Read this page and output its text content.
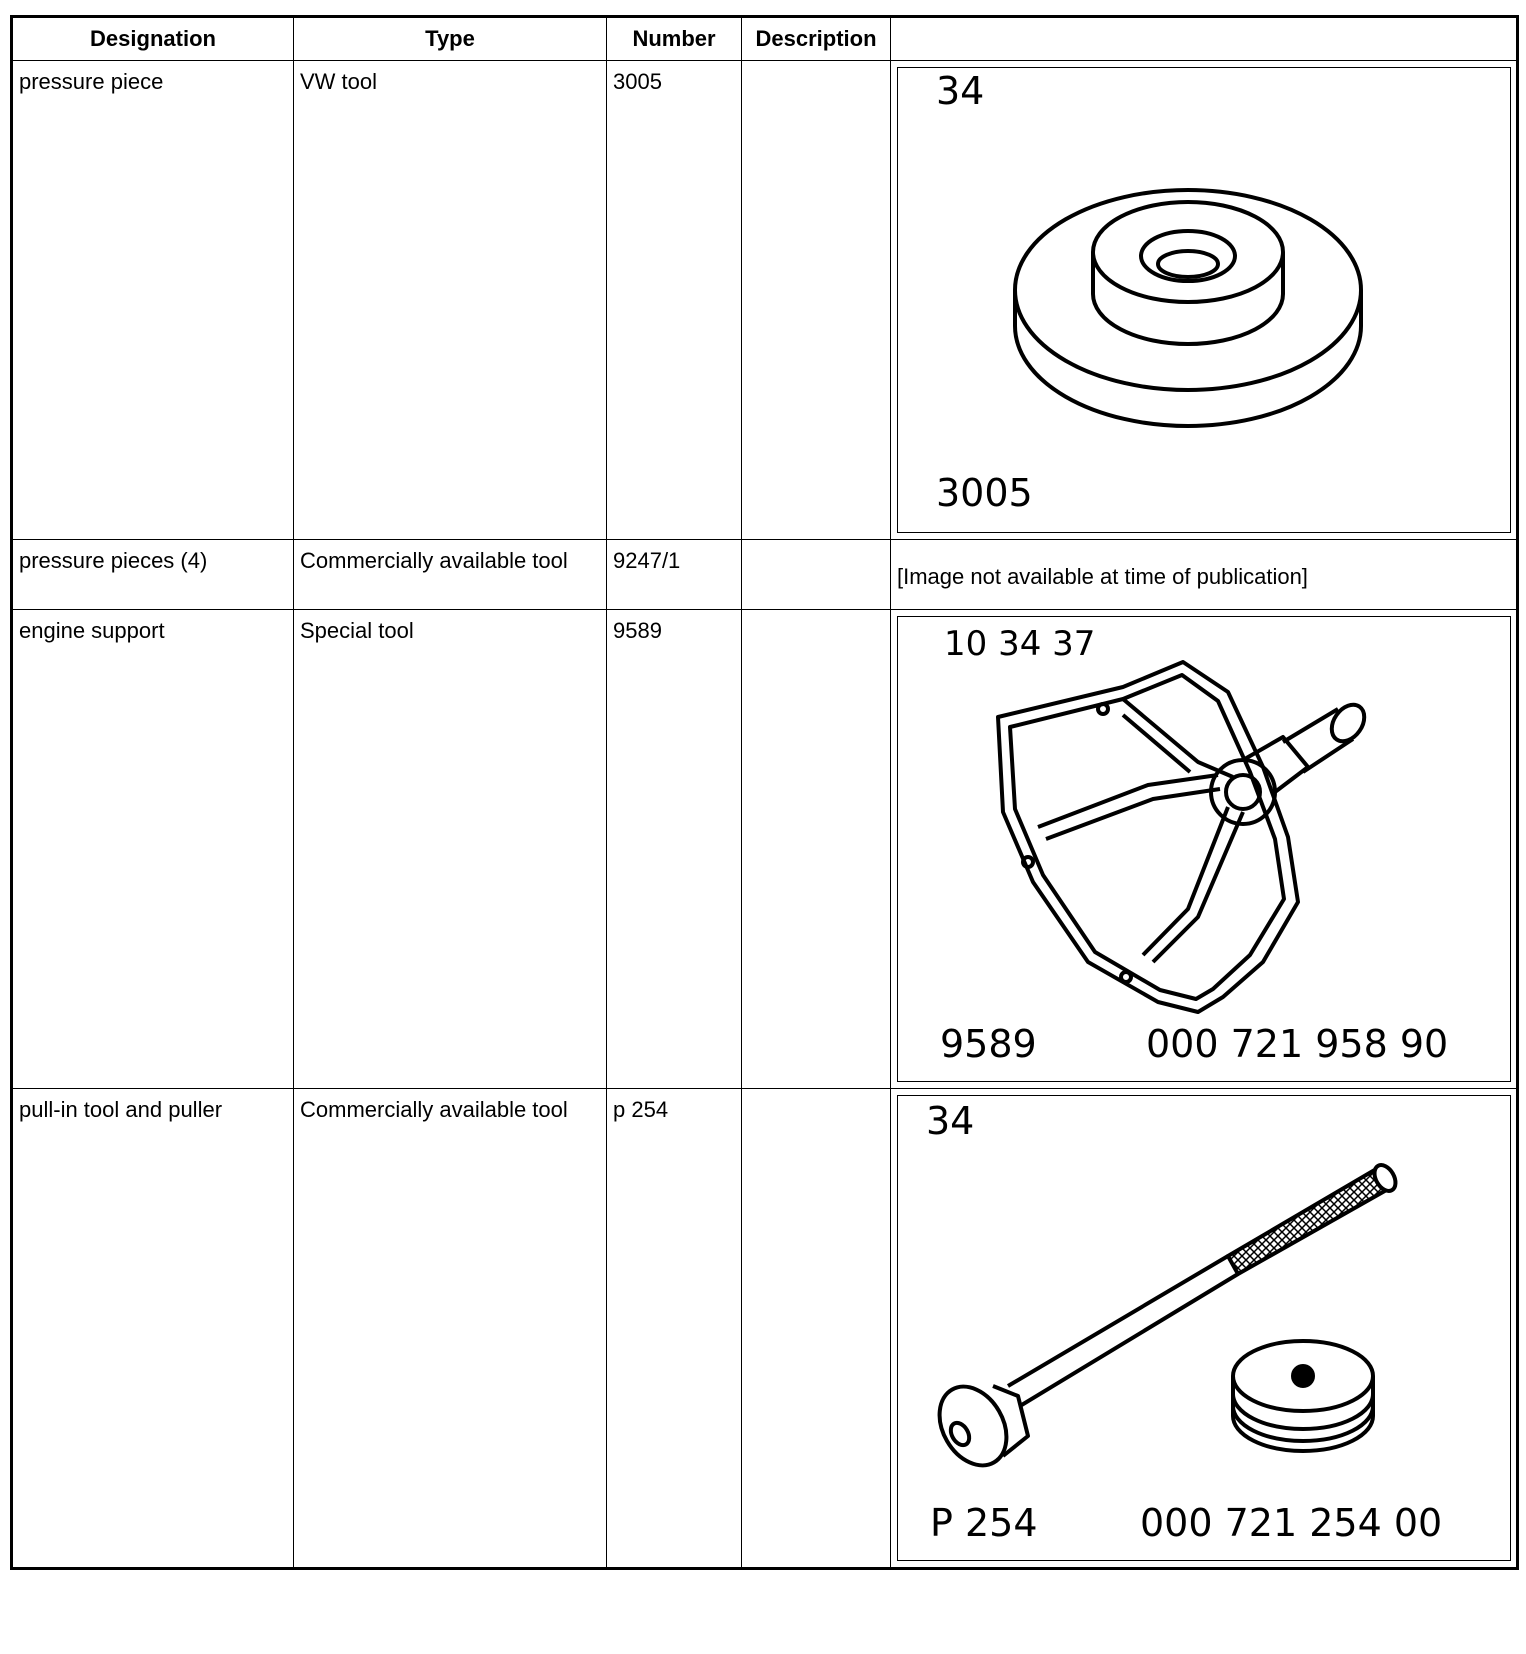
Designation	Type	Number	Description	
pressure piece	VW tool	3005		34
3005

pressure pieces (4)	Commercially available tool	9247/1		[Image not available at time of publication]

engine support	Special tool	9589		10 34 37
9589 000 721 958 90

pull-in tool and puller	Commercially available tool	p 254		34
P 254 000 721 254 00
